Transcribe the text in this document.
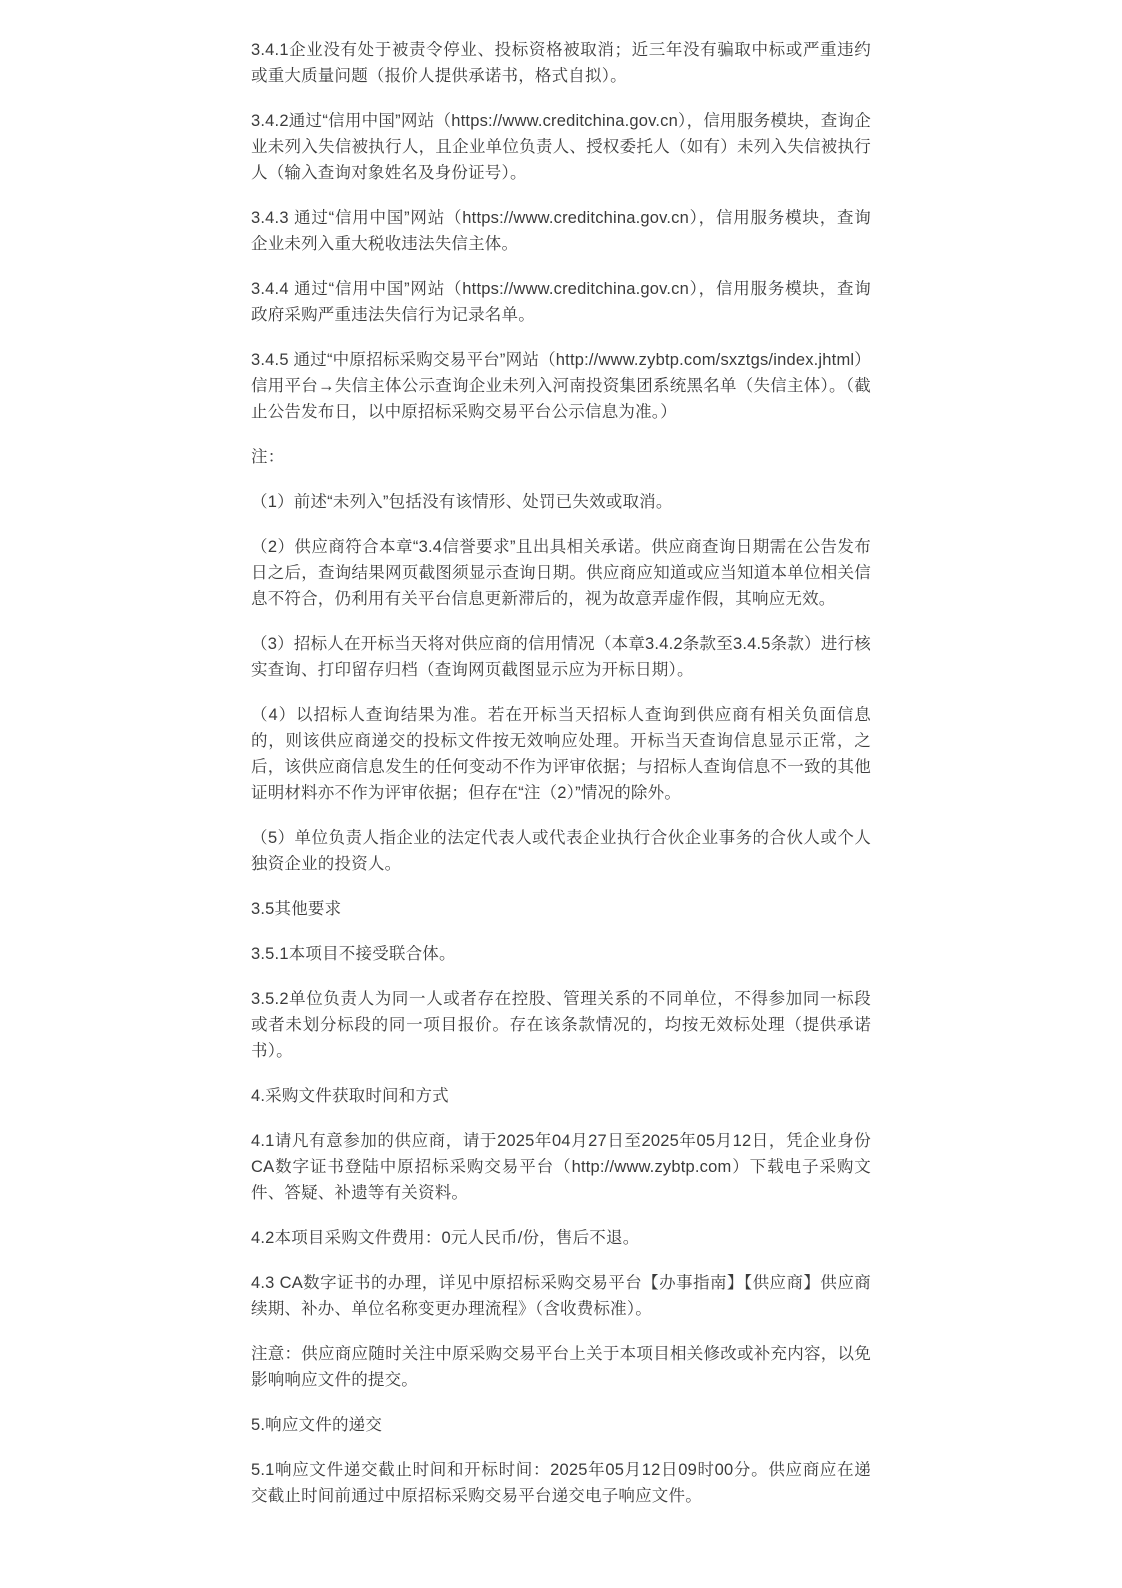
3.4.1企业没有处于被责令停业、投标资格被取消；近三年没有骗取中标或严重违约或重大质量问题（报价人提供承诺书，格式自拟）。

3.4.2通过“信用中国”网站（https://www.creditchina.gov.cn），信用服务模块，查询企业未列入失信被执行人，且企业单位负责人、授权委托人（如有）未列入失信被执行人（输入查询对象姓名及身份证号）。

3.4.3 通过“信用中国”网站（https://www.creditchina.gov.cn），信用服务模块，查询企业未列入重大税收违法失信主体。

3.4.4 通过“信用中国”网站（https://www.creditchina.gov.cn），信用服务模块，查询政府采购严重违法失信行为记录名单。

3.4.5 通过“中原招标采购交易平台”网站（http://www.zybtp.com/sxztgs/index.jhtml）信用平台→失信主体公示查询企业未列入河南投资集团系统黑名单（失信主体）。（截止公告发布日，以中原招标采购交易平台公示信息为准。）

注：

（1）前述“未列入”包括没有该情形、处罚已失效或取消。

（2）供应商符合本章“3.4信誉要求”且出具相关承诺。供应商查询日期需在公告发布日之后，查询结果网页截图须显示查询日期。供应商应知道或应当知道本单位相关信息不符合，仍利用有关平台信息更新滞后的，视为故意弄虚作假，其响应无效。

（3）招标人在开标当天将对供应商的信用情况（本章3.4.2条款至3.4.5条款）进行核实查询、打印留存归档（查询网页截图显示应为开标日期）。

（4）以招标人查询结果为准。若在开标当天招标人查询到供应商有相关负面信息的，则该供应商递交的投标文件按无效响应处理。开标当天查询信息显示正常，之后，该供应商信息发生的任何变动不作为评审依据；与招标人查询信息不一致的其他证明材料亦不作为评审依据；但存在“注（2）”情况的除外。

（5）单位负责人指企业的法定代表人或代表企业执行合伙企业事务的合伙人或个人独资企业的投资人。

3.5其他要求

3.5.1本项目不接受联合体。

3.5.2单位负责人为同一人或者存在控股、管理关系的不同单位，不得参加同一标段或者未划分标段的同一项目报价。存在该条款情况的，均按无效标处理（提供承诺书）。

4.采购文件获取时间和方式

4.1请凡有意参加的供应商，请于2025年04月27日至2025年05月12日，凭企业身份CA数字证书登陆中原招标采购交易平台（http://www.zybtp.com）下载电子采购文件、答疑、补遗等有关资料。

4.2本项目采购文件费用：0元人民币/份，售后不退。

4.3 CA数字证书的办理，详见中原招标采购交易平台【办事指南】【供应商】供应商续期、补办、单位名称变更办理流程》（含收费标准）。

注意：供应商应随时关注中原采购交易平台上关于本项目相关修改或补充内容，以免影响响应文件的提交。

5.响应文件的递交

5.1响应文件递交截止时间和开标时间：2025年05月12日09时00分。供应商应在递交截止时间前通过中原招标采购交易平台递交电子响应文件。
